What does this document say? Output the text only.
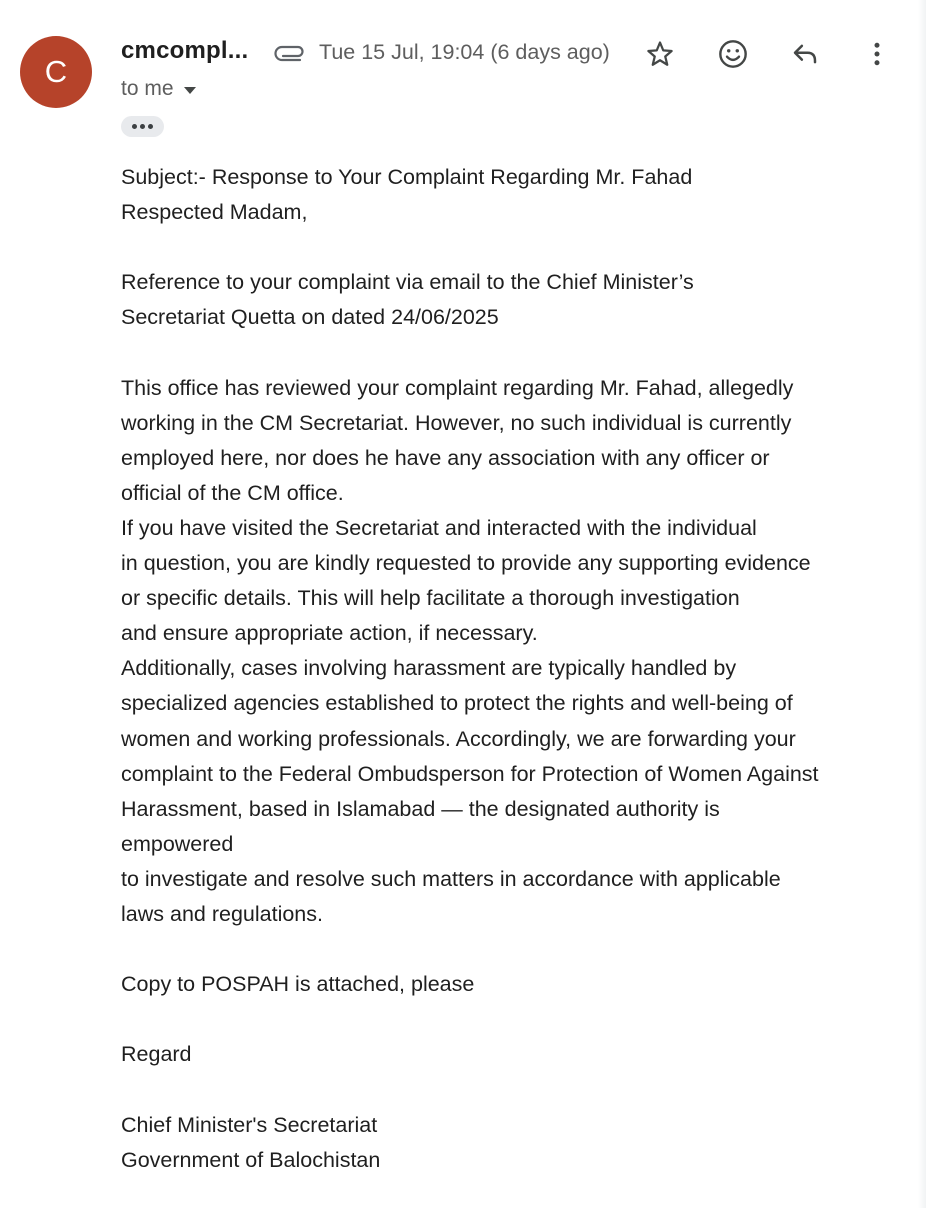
C
cmcompl...	Tue 15 Jul, 19:04 (6 days ago)
to me
Subject:- Response to Your Complaint Regarding Mr. Fahad
Respected Madam,
Reference to your complaint via email to the Chief Minister’s
Secretariat Quetta on dated 24/06/2025
This office has reviewed your complaint regarding Mr. Fahad, allegedly
working in the CM Secretariat. However, no such individual is currently
employed here, nor does he have any association with any officer or
official of the CM office.
If you have visited the Secretariat and interacted with the individual
in question, you are kindly requested to provide any supporting evidence
or specific details. This will help facilitate a thorough investigation
and ensure appropriate action, if necessary.
Additionally, cases involving harassment are typically handled by
specialized agencies established to protect the rights and well-being of
women and working professionals. Accordingly, we are forwarding your
complaint to the Federal Ombudsperson for Protection of Women Against
Harassment, based in Islamabad — the designated authority is
empowered
to investigate and resolve such matters in accordance with applicable
laws and regulations.
Copy to POSPAH is attached, please
Regard
Chief Minister's Secretariat
Government of Balochistan
